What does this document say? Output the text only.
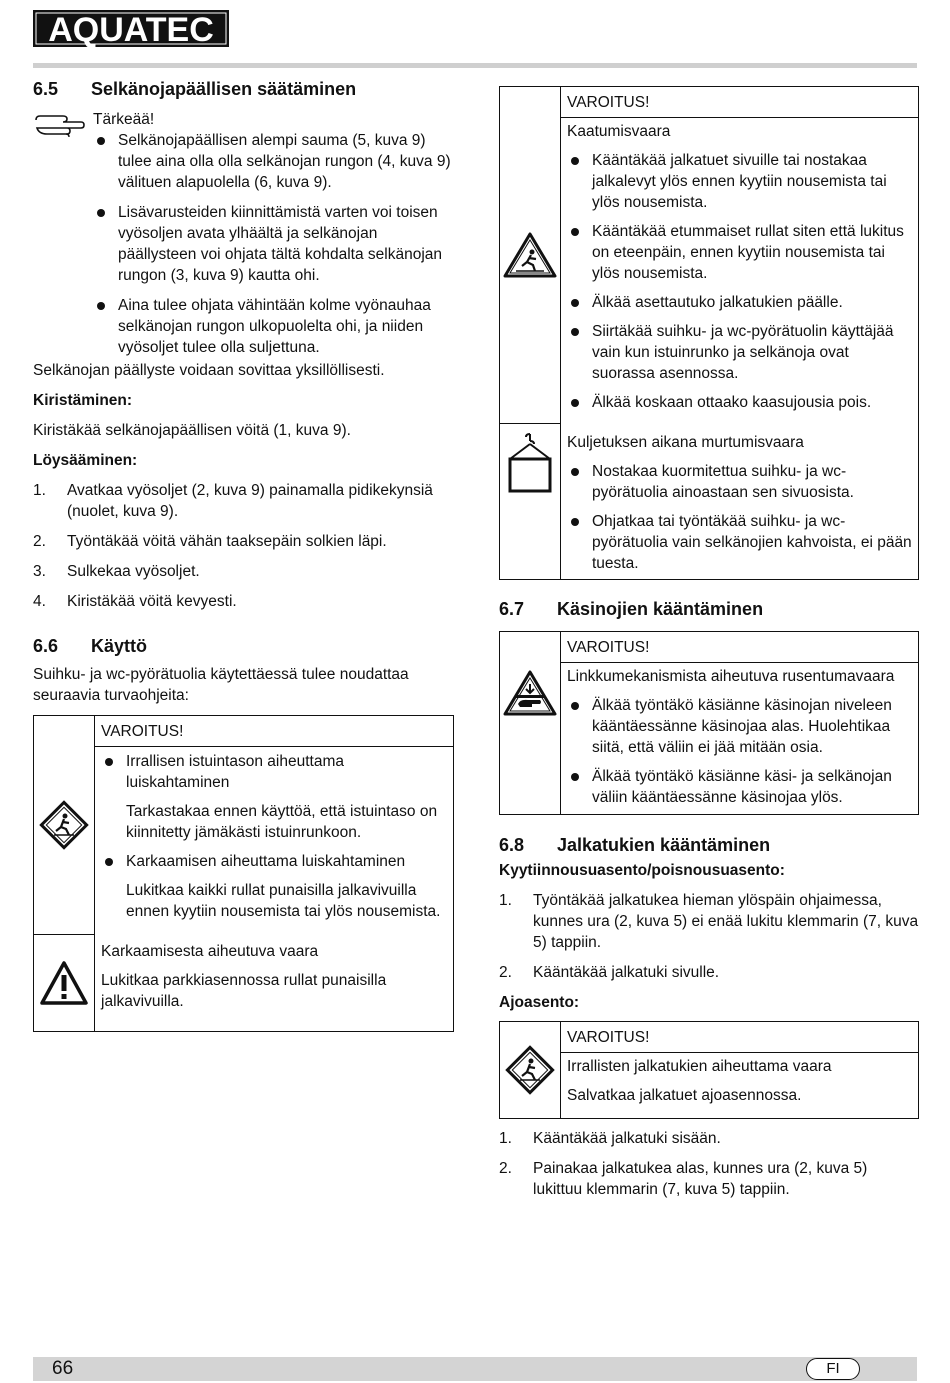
AQUATEC
6.5 Selkänojapäällisen säätäminen

Tärkeää!

Selkänojapäällisen alempi sauma (5, kuva 9) tulee aina olla olla selkänojan rungon (4, kuva 9) välituen alapuolella (6, kuva 9).
Lisävarusteiden kiinnittämistä varten voi toisen vyösoljen avata ylhäältä ja selkänojan päällysteen voi ohjata tältä kohdalta selkänojan rungon (3, kuva 9) kautta ohi.
Aina tulee ohjata vähintään kolme vyönauhaa selkänojan rungon ulkopuolelta ohi, ja niiden vyösoljet tulee olla suljettuna.

Selkänojan päällyste voidaan sovittaa yksillöllisesti.

Kiristäminen:

Kiristäkää selkänojapäällisen vöitä (1, kuva 9).

Löysääminen:

1. Avatkaa vyösoljet (2, kuva 9) painamalla pidikekynsiä (nuolet, kuva 9).
2. Työntäkää vöitä vähän taaksepäin solkien läpi.
3. Sulkekaa vyösoljet.
4. Kiristäkää vöitä kevyesti.
6.6 Käyttö

Suihku- ja wc-pyörätuolia käytettäessä tulee noudattaa seuraavia turvaohjeita:

VAROITUS!

Irrallisen istuintason aiheuttama luiskahtaminen
Tarkastakaa ennen käyttöä, että istuintaso on kiinnitetty jämäkästi istuinrunkoon.
Karkaamisen aiheuttama luiskahtaminen
Lukitkaa kaikki rullat punaisilla jalkavivuilla ennen kyytiin nousemista tai ylös nousemista.

Karkaamisesta aiheutuva vaara

Lukitkaa parkkiasennossa rullat punaisilla jalkavivuilla.

VAROITUS!

Kaatumisvaara

Kääntäkää jalkatuet sivuille tai nostakaa jalkalevyt ylös ennen kyytiin nousemista tai ylös nousemista.
Kääntäkää etummaiset rullat siten että lukitus on eteenpäin, ennen kyytiin nousemista tai ylös nousemista.
Älkää asettautuko jalkatukien päälle.
Siirtäkää suihku- ja wc-pyörätuolin käyttäjää vain kun istuinrunko ja selkänoja ovat suorassa asennossa.
Älkää koskaan ottaako kaasujousia pois.

Kuljetuksen aikana murtumisvaara

Nostakaa kuormitettua suihku- ja wc-pyörätuolia ainoastaan sen sivuosista.
Ohjatkaa tai työntäkää suihku- ja wc-pyörätuolia vain selkänojien kahvoista, ei pään tuesta.

6.7 Käsinojien kääntäminen

VAROITUS!

Linkkumekanismista aiheutuva rusentumavaara

Älkää työntäkö käsiänne käsinojan niveleen kääntäessänne käsinojaa alas. Huolehtikaa siitä, että väliin ei jää mitään osia.
Älkää työntäkö käsiänne käsi- ja selkänojan väliin kääntäessänne käsinojaa ylös.
6.8 Jalkatukien kääntäminen

Kyytiinnousuasento/poisnousuasento:

1. Työntäkää jalkatukea hieman ylöspäin ohjaimessa, kunnes ura (2, kuva 5) ei enää lukitu klemmarin (7, kuva 5) tappiin.
2. Kääntäkää jalkatuki sivulle.

Ajoasento:

VAROITUS!

Irrallisten jalkatukien aiheuttama vaara

Salvatkaa jalkatuet ajoasennossa.

1. Kääntäkää jalkatuki sisään.
2. Painakaa jalkatukea alas, kunnes ura (2, kuva 5) lukittuu klemmarin (7, kuva 5) tappiin.
66	FI
